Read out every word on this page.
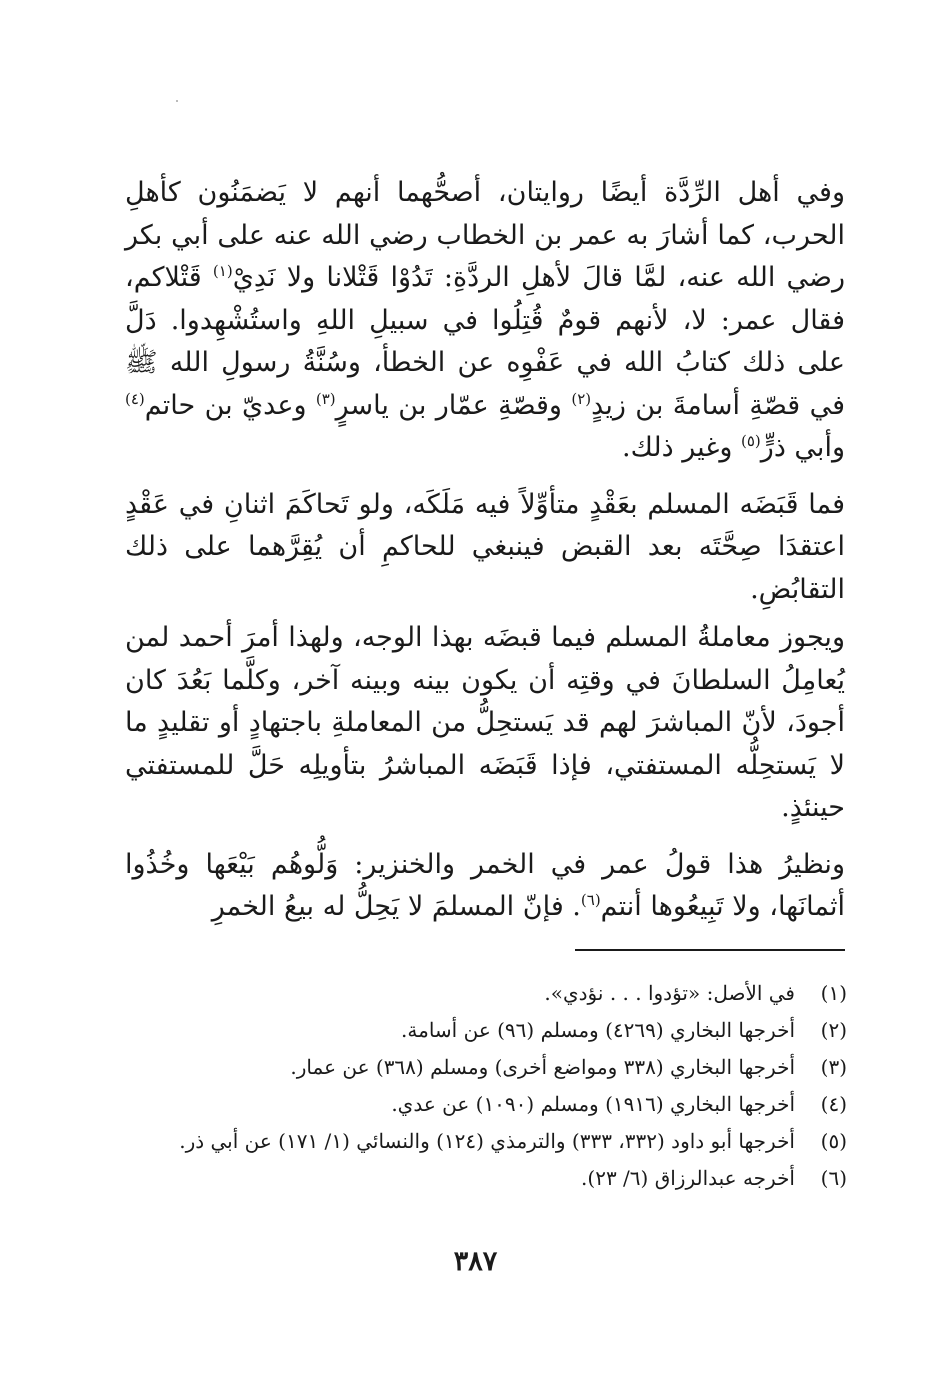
وفي أهل الرِّدَّة أيضًا روايتان، أصحُّهما أنهم لا يَضمَنُون كأهلِ الحرب، كما أشارَ به عمر بن الخطاب رضي الله عنه على أبي بكر رضي الله عنه، لمَّا قالَ لأهلِ الردَّةِ: تَدُوْا قَتْلانا ولا نَدِيْ$^{(١)}$ قَتْلاكم، فقال عمر: لا، لأنهم قومٌ قُتِلُوا في سبيلِ اللهِ واستُشْهِدوا. دَلَّ على ذلك كتابُ الله في عَفْوِه عن الخطأ، وسُنَّةُ رسولِ الله ﷺ في قصّةِ أسامةَ بن زيدٍ$^{(٢)}$ وقصّةِ عمّار بن ياسرٍ$^{(٣)}$ وعديّ بن حاتم$^{(٤)}$ وأبي ذرٍّ$^{(٥)}$ وغير ذلك.

فما قَبَضَه المسلم بعَقْدٍ متأوِّلاً فيه مَلَكَه، ولو تَحاكَمَ اثنانِ في عَقْدٍ اعتقدَا صِحَّتَه بعد القبض فينبغي للحاكمِ أن يُقِرَّهما على ذلك التقابُضِ.

ويجوز معاملةُ المسلم فيما قبضَه بهذا الوجه، ولهذا أمرَ أحمد لمن يُعامِلُ السلطانَ في وقتِه أن يكون بينه وبينه آخر، وكلَّما بَعُدَ كان أجودَ، لأنّ المباشرَ لهم قد يَستحِلُّ من المعاملةِ باجتهادٍ أو تقليدٍ ما لا يَستحِلُّه المستفتي، فإذا قَبَضَه المباشرُ بتأويلِه حَلَّ للمستفتي حينئذٍ.

ونظيرُ هذا قولُ عمر في الخمر والخنزير: وَلُّوهُم بَيْعَها وخُذُوا أثمانَها، ولا تَبِيعُوها أنتم$^{(٦)}$. فإنّ المسلمَ لا يَحِلُّ له بيعُ الخمرِ

(١)
في الأصل: «تؤدوا . . . نؤدي».
(٢)
أخرجها البخاري (٤٢٦٩) ومسلم (٩٦) عن أسامة.
(٣)
أخرجها البخاري (٣٣٨ ومواضع أخرى) ومسلم (٣٦٨) عن عمار.
(٤)
أخرجها البخاري (١٩١٦) ومسلم (١٠٩٠) عن عدي.
(٥)
أخرجها أبو داود (٣٣٢، ٣٣٣) والترمذي (١٢٤) والنسائي (١/ ١٧١) عن أبي ذر.
(٦)
أخرجه عبدالرزاق (٦/ ٢٣).
٣٨٧
